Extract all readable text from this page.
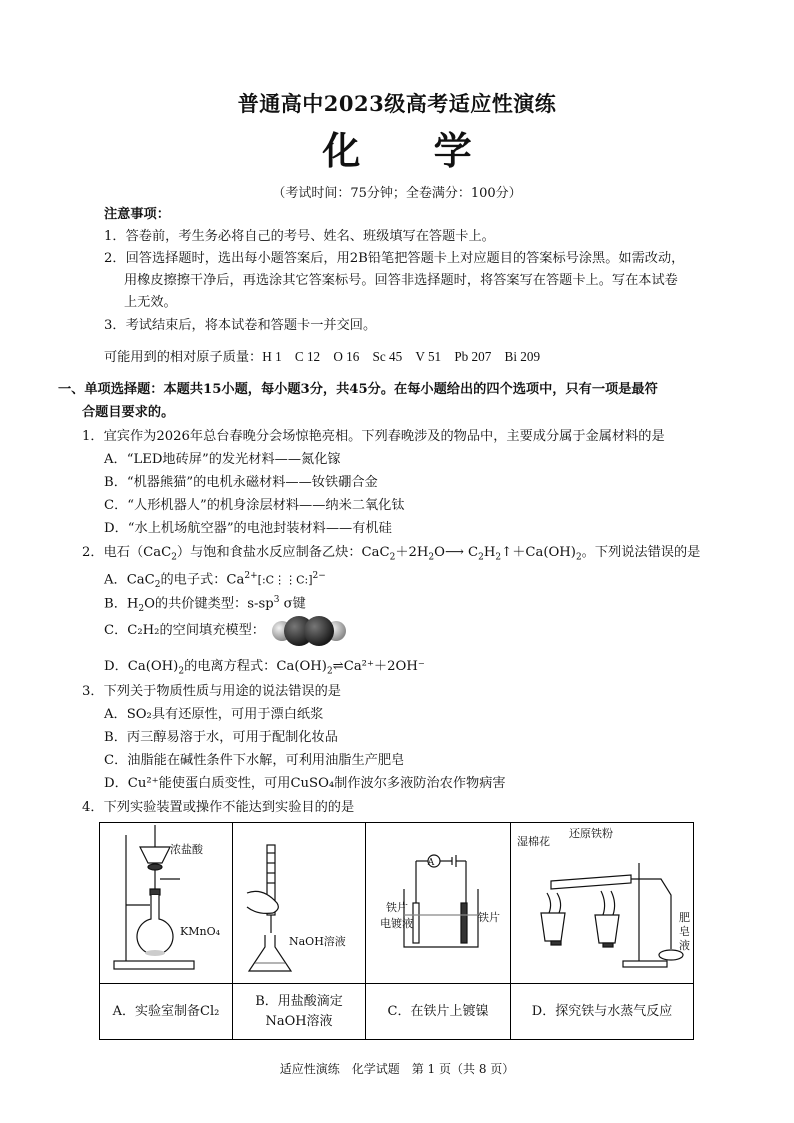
普通高中2023级高考适应性演练
化 学
（考试时间：75分钟；全卷满分：100分）
注意事项：
1．答卷前，考生务必将自己的考号、姓名、班级填写在答题卡上。
2．回答选择题时，选出每小题答案后，用2B铅笔把答题卡上对应题目的答案标号涂黑。如需改动，
用橡皮擦擦干净后，再选涂其它答案标号。回答非选择题时，将答案写在答题卡上。写在本试卷
上无效。
3．考试结束后，将本试卷和答题卡一并交回。
可能用到的相对原子质量：H 1　C 12　O 16　Sc 45　V 51　Pb 207　Bi 209
一、单项选择题：本题共15小题，每小题3分，共45分。在每小题给出的四个选项中，只有一项是最符
合题目要求的。
1．宜宾作为2026年总台春晚分会场惊艳亮相。下列春晚涉及的物品中，主要成分属于金属材料的是
A．“LED地砖屏”的发光材料——氮化镓
B．“机器熊猫”的电机永磁材料——钕铁硼合金
C．“人形机器人”的机身涂层材料——纳米二氧化钛
D．“水上机场航空器”的电池封装材料——有机硅
2．电石（CaC$_2$）与饱和食盐水反应制备乙炔：$CaC_2+2H_2O⟶$ $C_2H_2↑+Ca(OH)_2$。下列说法错误的是
A．CaC$_2$的电子式：$Ca^{2+}[:C⋮⋮C:]^{2-}$
B．$H_2O$的共价键类型：$s-sp^3$ σ键
C．C₂H₂的空间填充模型：
D．$Ca(OH)_2$的电离方程式：$Ca(OH)_2\rightleftharpoons Ca^{2+}+2OH^-$
3．下列关于物质性质与用途的说法错误的是
A．SO₂具有还原性，可用于漂白纸浆
B．丙三醇易溶于水，可用于配制化妆品
C．油脂能在碱性条件下水解，可利用油脂生产肥皂
D．Cu²⁺能使蛋白质变性，可用CuSO₄制作波尔多液防治农作物病害
4．下列实验装置或操作不能达到实验目的的是
浓盐酸
KMnO₄
NaOH溶液
A
铁片
电镀液	铁片
湿棉花
还原铁粉
肥
皂
液
A．实验室制备Cl₂
B．用盐酸滴定
NaOH溶液
C．在铁片上镀镍	D．探究铁与水蒸气反应
适应性演练　化学试题　第 1 页（共 8 页）
